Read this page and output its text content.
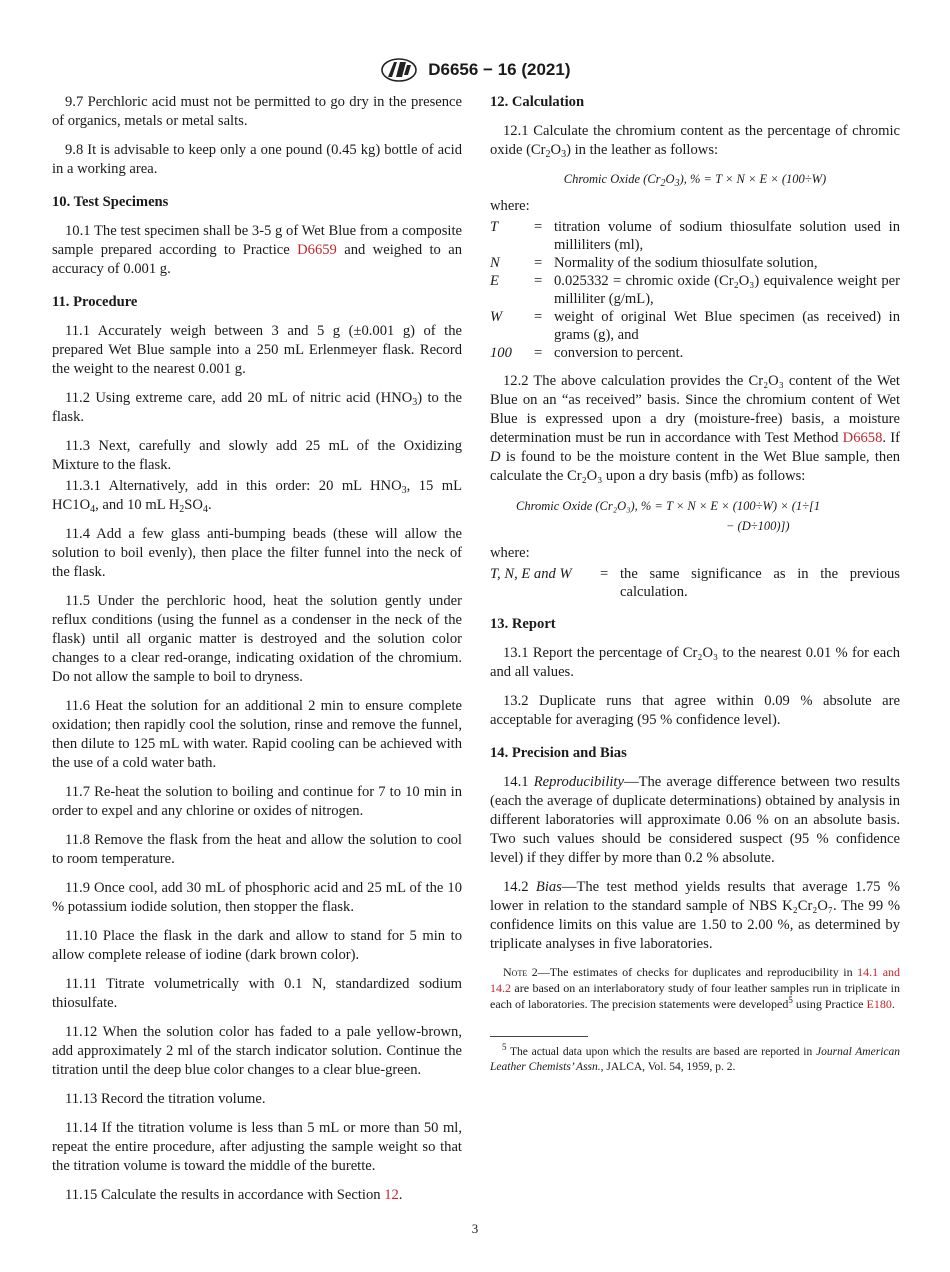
D6656 − 16 (2021)

9.7 Perchloric acid must not be permitted to go dry in the presence of organics, metals or metal salts.

9.8 It is advisable to keep only a one pound (0.45 kg) bottle of acid in a working area.

10. Test Specimens

10.1 The test specimen shall be 3-5 g of Wet Blue from a composite sample prepared according to Practice D6659 and weighed to an accuracy of 0.001 g.

11. Procedure

11.1 Accurately weigh between 3 and 5 g (±0.001 g) of the prepared Wet Blue sample into a 250 mL Erlenmeyer flask. Record the weight to the nearest 0.001 g.

11.2 Using extreme care, add 20 mL of nitric acid $(HNO_3)$ to the flask.

11.3 Next, carefully and slowly add 25 mL of the Oxidizing Mixture to the flask.

11.3.1 Alternatively, add in this order: 20 mL $HNO_3$, 15 mL $HC1O_4$, and 10 mL $H_2SO_4$.

11.4 Add a few glass anti-bumping beads (these will allow the solution to boil evenly), then place the filter funnel into the neck of the flask.

11.5 Under the perchloric hood, heat the solution gently under reflux conditions (using the funnel as a condenser in the neck of the flask) until all organic matter is destroyed and the solution color changes to a clear red-orange, indicating oxidation of the chromium. Do not allow the sample to boil to dryness.

11.6 Heat the solution for an additional 2 min to ensure complete oxidation; then rapidly cool the solution, rinse and remove the funnel, then dilute to 125 mL with water. Rapid cooling can be achieved with the use of a cold water bath.

11.7 Re-heat the solution to boiling and continue for 7 to 10 min in order to expel and any chlorine or oxides of nitrogen.

11.8 Remove the flask from the heat and allow the solution to cool to room temperature.

11.9 Once cool, add 30 mL of phosphoric acid and 25 mL of the 10 % potassium iodide solution, then stopper the flask.

11.10 Place the flask in the dark and allow to stand for 5 min to allow complete release of iodine (dark brown color).

11.11 Titrate volumetrically with 0.1 N, standardized sodium thiosulfate.

11.12 When the solution color has faded to a pale yellow-brown, add approximately 2 ml of the starch indicator solution. Continue the titration until the deep blue color changes to a clear blue-green.

11.13 Record the titration volume.

11.14 If the titration volume is less than 5 mL or more than 50 ml, repeat the entire procedure, after adjusting the sample weight so that the titration volume is toward the middle of the burette.

11.15 Calculate the results in accordance with Section 12.

12. Calculation

12.1 Calculate the chromium content as the percentage of chromic oxide $(Cr_2O_3)$ in the leather as follows:

Chromic Oxide $(Cr_2O_3)$, % = T × N × E × (100÷W)

where:

T	= titration volume of sodium thiosulfate solution used in milliliters (ml),
N	= Normality of the sodium thiosulfate solution,
E	= 0.025332 = chromic oxide (Cr₂O₃) equivalence weight per milliliter (g/mL),
W	= weight of original Wet Blue specimen (as received) in grams (g), and
100	= conversion to percent.

12.2 The above calculation provides the Cr₂O₃ content of the Wet Blue on an “as received” basis. Since the chromium content of Wet Blue is expressed upon a dry (moisture-free) basis, a moisture determination must be run in accordance with Test Method D6658. If D is found to be the moisture content in the Wet Blue sample, then calculate the Cr₂O₃ upon a dry basis (mfb) as follows:

Chromic Oxide (Cr₂O₃), % = T × N × E × (100÷W) × (1÷[1
− (D÷100)])

where:

T, N, E and W	= the same significance as in the previous calculation.
13. Report

13.1 Report the percentage of Cr₂O₃ to the nearest 0.01 % for each and all values.

13.2 Duplicate runs that agree within 0.09 % absolute are acceptable for averaging (95 % confidence level).

14. Precision and Bias

14.1 Reproducibility—The average difference between two results (each the average of duplicate determinations) obtained by analysis in different laboratories will approximate 0.06 % on an absolute basis. Two such values should be considered suspect (95 % confidence level) if they differ by more than 0.2 % absolute.

14.2 Bias—The test method yields results that average 1.75 % lower in relation to the standard sample of NBS K₂Cr₂O₇. The 99 % confidence limits on this value are 1.50 to 2.00 %, as determined by triplicate analyses in five laboratories.

Note 2—The estimates of checks for duplicates and reproducibility in 14.1 and 14.2 are based on an interlaboratory study of four leather samples run in triplicate in each of laboratories. The precision statements were developed$^5$ using Practice E180.
$^5$ The actual data upon which the results are based are reported in Journal American Leather Chemists’ Assn., JALCA, Vol. 54, 1959, p. 2.
3
